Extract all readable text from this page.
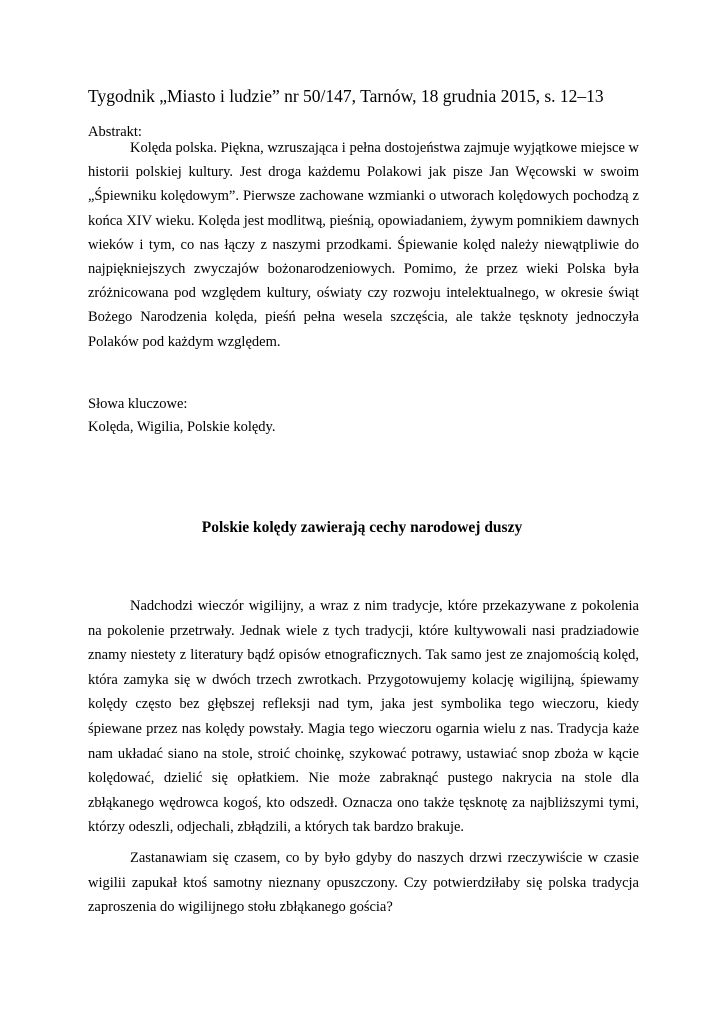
Tygodnik „Miasto i ludzie” nr 50/147, Tarnów, 18 grudnia 2015, s. 12–13
Abstrakt:

Kolęda polska. Piękna, wzruszająca i pełna dostojeństwa zajmuje wyjątkowe miejsce w historii polskiej kultury. Jest droga każdemu Polakowi jak pisze Jan Węcowski w swoim „Śpiewniku kolędowym”. Pierwsze zachowane wzmianki o utworach kolędowych pochodzą z końca XIV wieku. Kolęda jest modlitwą, pieśnią, opowiadaniem, żywym pomnikiem dawnych wieków i tym, co nas łączy z naszymi przodkami. Śpiewanie kolęd należy niewątpliwie do najpiękniejszych zwyczajów bożonarodzeniowych. Pomimo, że przez wieki Polska była zróżnicowana pod względem kultury, oświaty czy rozwoju intelektualnego, w okresie świąt Bożego Narodzenia kolęda, pieśń pełna wesela szczęścia, ale także tęsknoty jednoczyła Polaków pod każdym względem.

Słowa kluczowe:
Kolęda, Wigilia, Polskie kolędy.
Polskie kolędy zawierają cechy narodowej duszy

Nadchodzi wieczór wigilijny, a wraz z nim tradycje, które przekazywane z pokolenia na pokolenie przetrwały. Jednak wiele z tych tradycji, które kultywowali nasi pradziadowie znamy niestety z literatury bądź opisów etnograficznych. Tak samo jest ze znajomością kolęd, która zamyka się w dwóch trzech zwrotkach. Przygotowujemy kolację wigilijną, śpiewamy kolędy często bez głębszej refleksji nad tym, jaka jest symbolika tego wieczoru, kiedy śpiewane przez nas kolędy powstały. Magia tego wieczoru ogarnia wielu z nas. Tradycja każe nam układać siano na stole, stroić choinkę, szykować potrawy, ustawiać snop zboża w kącie kolędować, dzielić się opłatkiem. Nie może zabraknąć pustego nakrycia na stole dla zbłąkanego wędrowca kogoś, kto odszedł. Oznacza ono także tęsknotę za najbliższymi tymi, którzy odeszli, odjechali, zbłądzili, a których tak bardzo brakuje.

Zastanawiam się czasem, co by było gdyby do naszych drzwi rzeczywiście w czasie wigilii zapukał ktoś samotny nieznany opuszczony. Czy potwierdziłaby się polska tradycja zaproszenia do wigilijnego stołu zbłąkanego gościa?
